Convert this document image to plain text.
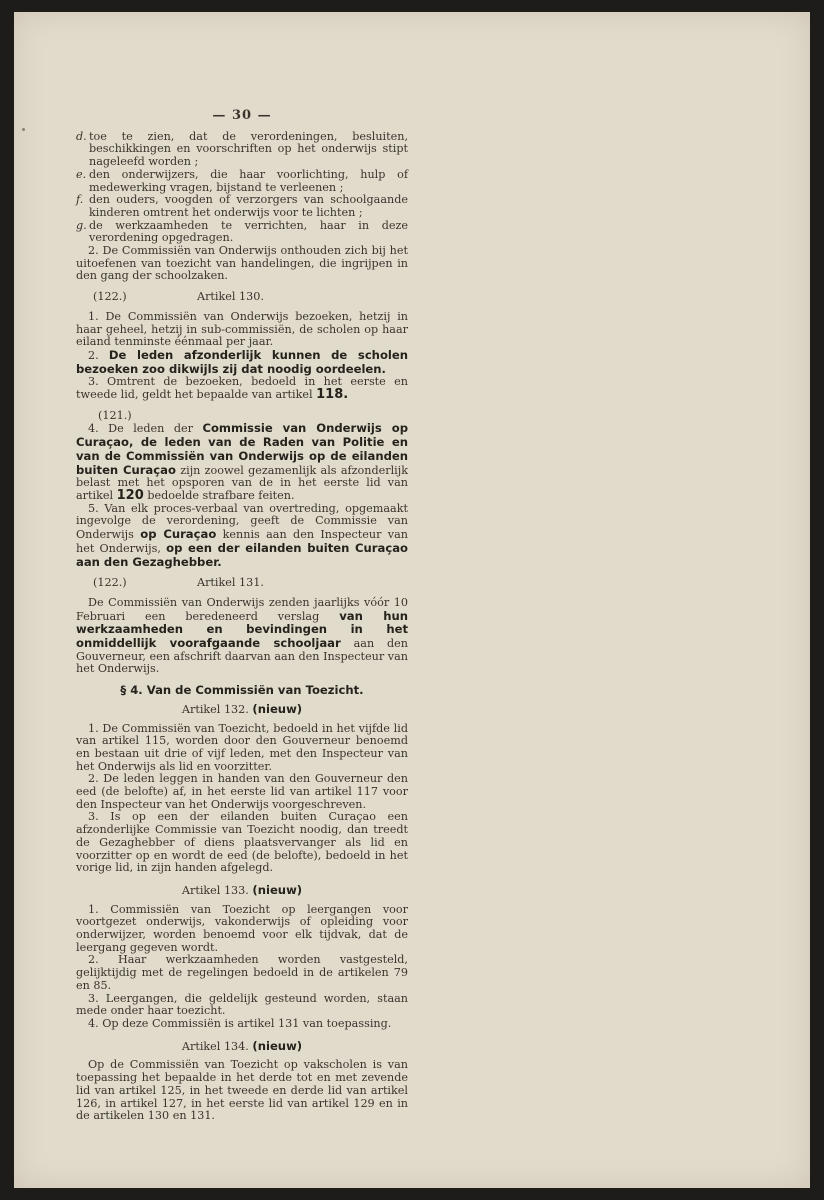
— 30 —

d. toe te zien, dat de verordeningen, besluiten, beschikkingen en voorschriften op het onderwijs stipt nageleefd worden ;
e. den onderwijzers, die haar voorlichting, hulp of medewerking vragen, bijstand te verleenen ;
f. den ouders, voogden of verzorgers van schoolgaande kinderen omtrent het onderwijs voor te lichten ;
g. de werkzaamheden te verrichten, haar in deze verordening opgedragen.

2. De Commissiën van Onderwijs onthouden zich bij het uitoefenen van toezicht van handelingen, die ingrijpen in den gang der schoolzaken.

(122.)	Artikel 130.

1. De Commissiën van Onderwijs bezoeken, hetzij in haar geheel, hetzij in sub-commissiën, de scholen op haar eiland tenminste éénmaal per jaar.

2. De leden afzonderlijk kunnen de scholen bezoeken zoo dikwijls zij dat noodig oordeelen.

3. Omtrent de bezoeken, bedoeld in het eerste en tweede lid, geldt het bepaalde van artikel 118.

(121.)

4. De leden der Commissie van Onderwijs op Curaçao, de leden van de Raden van Politie en van de Commissiën van Onderwijs op de eilanden buiten Curaçao zijn zoowel gezamenlijk als afzonderlijk belast met het opsporen van de in het eerste lid van artikel 120 bedoelde strafbare feiten.

5. Van elk proces-verbaal van overtreding, opgemaakt ingevolge de verordening, geeft de Commissie van Onderwijs op Curaçao kennis aan den Inspecteur van het Onderwijs, op een der eilanden buiten Curaçao aan den Gezaghebber.

(122.)	Artikel 131.

De Commissiën van Onderwijs zenden jaarlijks vóór 10 Februari een beredeneerd verslag van hun werkzaamheden en bevindingen in het onmiddellijk voorafgaande schooljaar aan den Gouverneur, een afschrift daarvan aan den Inspecteur van het Onderwijs.

§ 4. Van de Commissiën van Toezicht.

Artikel 132. (nieuw)

1. De Commissiën van Toezicht, bedoeld in het vijfde lid van artikel 115, worden door den Gouverneur benoemd en bestaan uit drie of vijf leden, met den Inspecteur van het Onderwijs als lid en voorzitter.

2. De leden leggen in handen van den Gouverneur den eed (de belofte) af, in het eerste lid van artikel 117 voor den Inspecteur van het Onderwijs voorgeschreven.

3. Is op een der eilanden buiten Curaçao een afzonderlijke Commissie van Toezicht noodig, dan treedt de Gezaghebber of diens plaatsvervanger als lid en voorzitter op en wordt de eed (de belofte), bedoeld in het vorige lid, in zijn handen afgelegd.

Artikel 133. (nieuw)

1. Commissiën van Toezicht op leergangen voor voortgezet onderwijs, vakonderwijs of opleiding voor onderwijzer, worden benoemd voor elk tijdvak, dat de leergang gegeven wordt.

2. Haar werkzaamheden worden vastgesteld, gelijktijdig met de regelingen bedoeld in de artikelen 79 en 85.

3. Leergangen, die geldelijk gesteund worden, staan mede onder haar toezicht.

4. Op deze Commissiën is artikel 131 van toepassing.

Artikel 134. (nieuw)

Op de Commissiën van Toezicht op vakscholen is van toepassing het bepaalde in het derde tot en met zevende lid van artikel 125, in het tweede en derde lid van artikel 126, in artikel 127, in het eerste lid van artikel 129 en in de artikelen 130 en 131.
